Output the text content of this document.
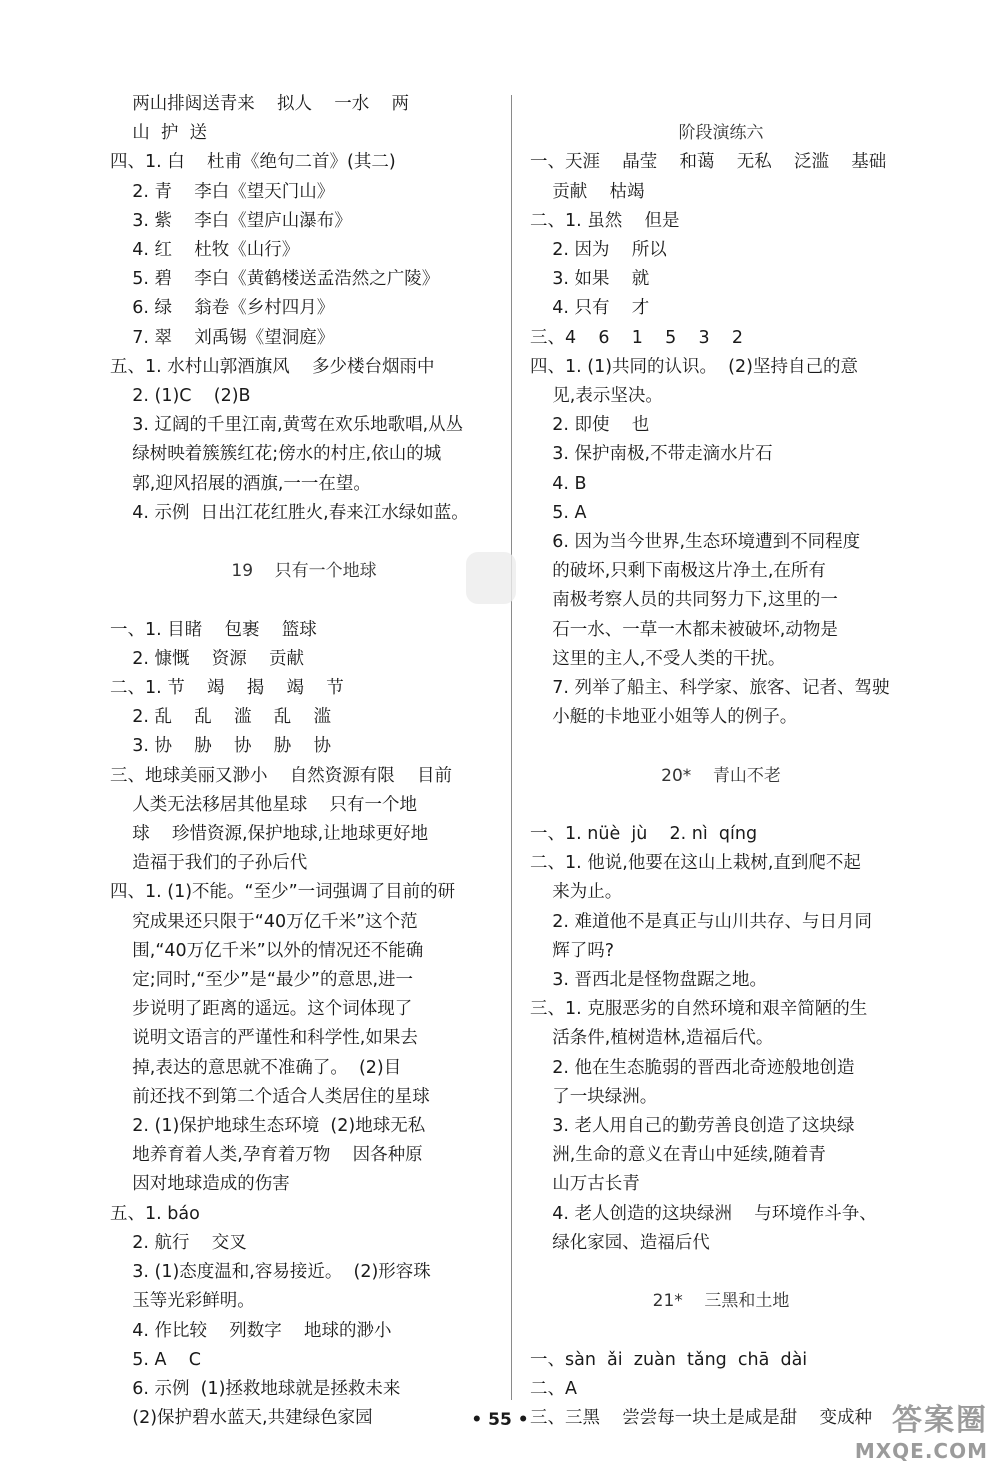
两山排闼送青来    拟人    一水    两
山  护  送
四、1. 白    杜甫《绝句二首》(其二)
2. 青    李白《望天门山》
3. 紫    李白《望庐山瀑布》
4. 红    杜牧《山行》
5. 碧    李白《黄鹤楼送孟浩然之广陵》
6. 绿    翁卷《乡村四月》
7. 翠    刘禹锡《望洞庭》
五、1. 水村山郭酒旗风    多少楼台烟雨中
2. (1)C    (2)B
3. 辽阔的千里江南,黄莺在欢乐地歌唱,从丛
绿树映着簇簇红花;傍水的村庄,依山的城
郭,迎风招展的酒旗,一一在望。
4. 示例  日出江花红胜火,春来江水绿如蓝。
19    只有一个地球
一、1. 目睹    包裹    篮球
2. 慷慨    资源    贡献
二、1. 节    竭    揭    竭    节
2. 乱    乱    滥    乱    滥
3. 协    胁    协    胁    协
三、地球美丽又渺小    自然资源有限    目前
人类无法移居其他星球    只有一个地
球    珍惜资源,保护地球,让地球更好地
造福于我们的子孙后代
四、1. (1)不能。“至少”一词强调了目前的研
究成果还只限于“40万亿千米”这个范
围,“40万亿千米”以外的情况还不能确
定;同时,“至少”是“最少”的意思,进一
步说明了距离的遥远。这个词体现了
说明文语言的严谨性和科学性,如果去
掉,表达的意思就不准确了。  (2)目
前还找不到第二个适合人类居住的星球
2. (1)保护地球生态环境  (2)地球无私
地养育着人类,孕育着万物    因各种原
因对地球造成的伤害
五、1. báo
2. 航行    交叉
3. (1)态度温和,容易接近。  (2)形容珠
玉等光彩鲜明。
4. 作比较    列数字    地球的渺小
5. A    C
6. 示例  (1)拯救地球就是拯救未来
(2)保护碧水蓝天,共建绿色家园
阶段演练六
一、天涯    晶莹    和蔼    无私    泛滥    基础
贡献    枯竭
二、1. 虽然    但是
2. 因为    所以
3. 如果    就
4. 只有    才
三、4    6    1    5    3    2
四、1. (1)共同的认识。  (2)坚持自己的意
见,表示坚决。
2. 即使    也
3. 保护南极,不带走滴水片石
4. B
5. A
6. 因为当今世界,生态环境遭到不同程度
的破坏,只剩下南极这片净土,在所有
南极考察人员的共同努力下,这里的一
石一水、一草一木都未被破坏,动物是
这里的主人,不受人类的干扰。
7. 列举了船主、科学家、旅客、记者、驾驶
小艇的卡地亚小姐等人的例子。
20*    青山不老
一、1. nüè  jù    2. nì  qíng
二、1. 他说,他要在这山上栽树,直到爬不起
来为止。
2. 难道他不是真正与山川共存、与日月同
辉了吗?
3. 晋西北是怪物盘踞之地。
三、1. 克服恶劣的自然环境和艰辛简陋的生
活条件,植树造林,造福后代。
2. 他在生态脆弱的晋西北奇迹般地创造
了一块绿洲。
3. 老人用自己的勤劳善良创造了这块绿
洲,生命的意义在青山中延续,随着青
山万古长青
4. 老人创造的这块绿洲    与环境作斗争、
绿化家园、造福后代
21*    三黑和土地
一、sàn  ǎi  zuàn  tǎng  chā  dài
二、A
三、三黑    尝尝每一块土是咸是甜    变成种
• 55 •	答案圈
MXQE.COM
